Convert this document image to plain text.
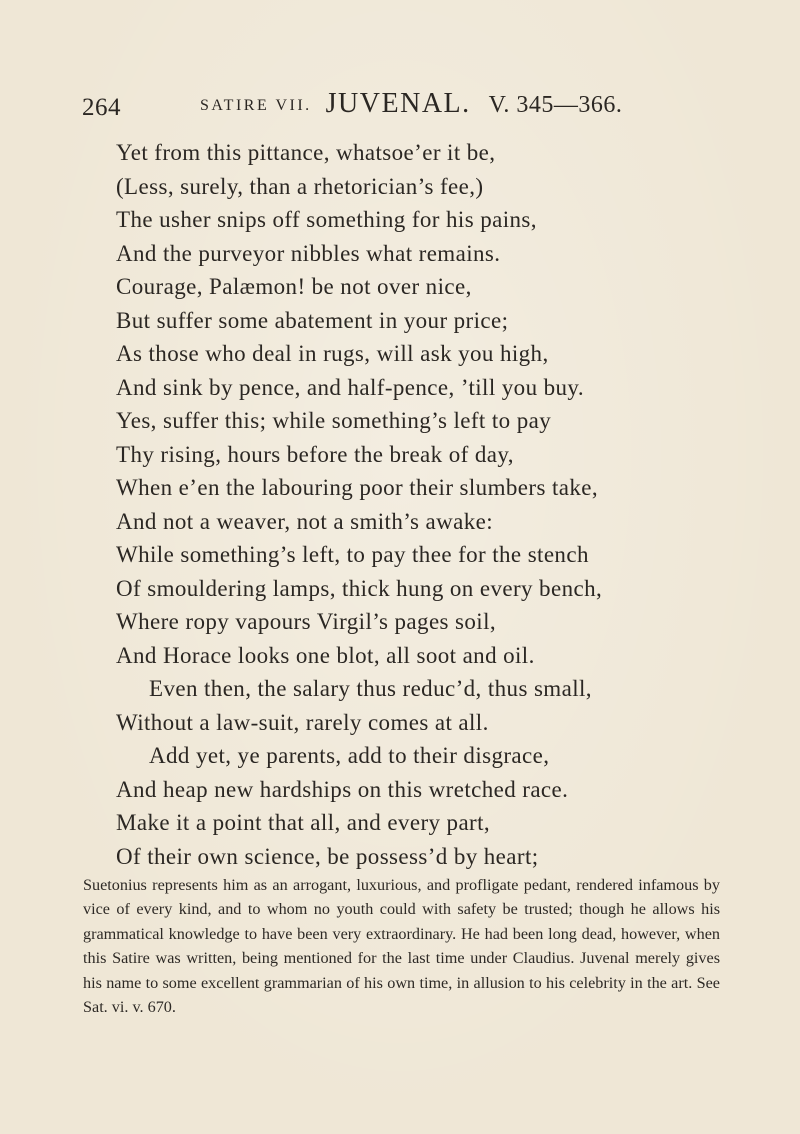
264	SATIRE VII. JUVENAL. V. 345—366.
Yet from this pittance, whatsoe’er it be,
(Less, surely, than a rhetorician’s fee,)
The usher snips off something for his pains,
And the purveyor nibbles what remains.
Courage, Palæmon! be not over nice,
But suffer some abatement in your price;
As those who deal in rugs, will ask you high,
And sink by pence, and half-pence, ’till you buy.
Yes, suffer this; while something’s left to pay
Thy rising, hours before the break of day,
When e’en the labouring poor their slumbers take,
And not a weaver, not a smith’s awake:
While something’s left, to pay thee for the stench
Of smouldering lamps, thick hung on every bench,
Where ropy vapours Virgil’s pages soil,
And Horace looks one blot, all soot and oil.
Even then, the salary thus reduc’d, thus small,
Without a law-suit, rarely comes at all.
Add yet, ye parents, add to their disgrace,
And heap new hardships on this wretched race.
Make it a point that all, and every part,
Of their own science, be possess’d by heart;

Suetonius represents him as an arrogant, luxurious, and profligate pedant, rendered infamous by vice of every kind, and to whom no youth could with safety be trusted; though he allows his grammatical knowledge to have been very extraordinary. He had been long dead, however, when this Satire was written, being mentioned for the last time under Claudius. Juvenal merely gives his name to some excellent grammarian of his own time, in allusion to his celebrity in the art. See Sat. vi. v. 670.
